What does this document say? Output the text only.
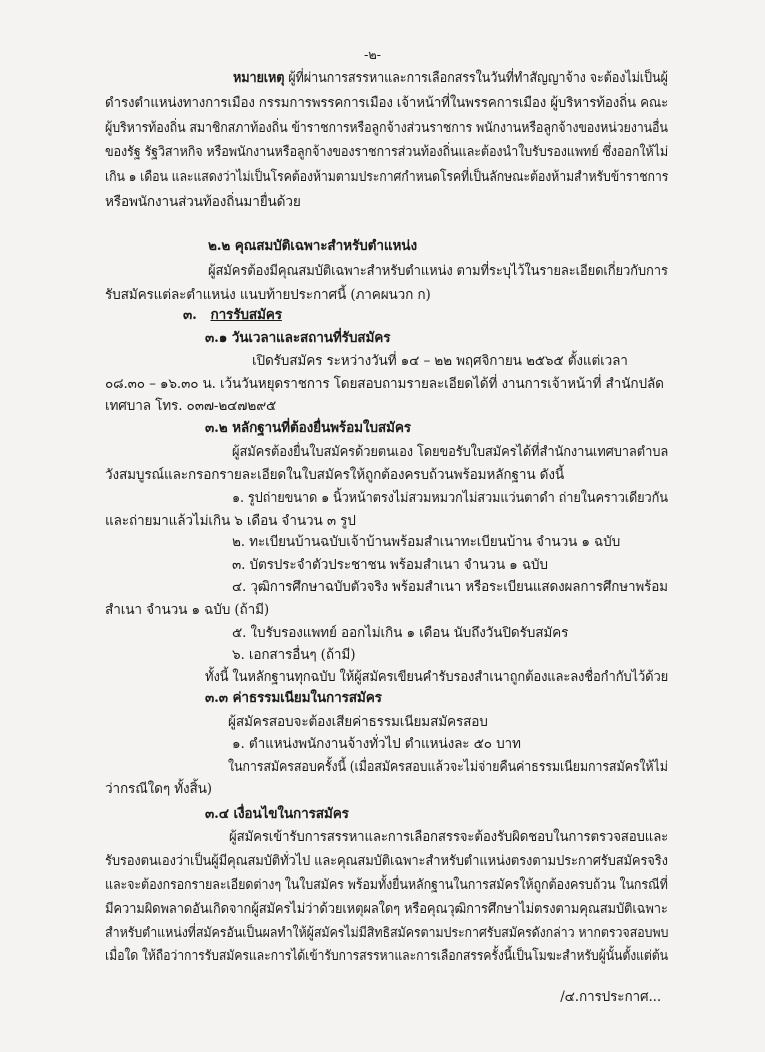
-๒-
หมายเหตุ ผู้ที่ผ่านการสรรหาและการเลือกสรรในวันที่ทำสัญญาจ้าง จะต้องไม่เป็นผู้
ดำรงตำแหน่งทางการเมือง กรรมการพรรคการเมือง เจ้าหน้าที่ในพรรคการเมือง ผู้บริหารท้องถิ่น คณะ
ผู้บริหารท้องถิ่น สมาชิกสภาท้องถิ่น ข้าราชการหรือลูกจ้างส่วนราชการ พนักงานหรือลูกจ้างของหน่วยงานอื่น
ของรัฐ รัฐวิสาหกิจ หรือพนักงานหรือลูกจ้างของราชการส่วนท้องถิ่นและต้องนำใบรับรองแพทย์ ซึ่งออกให้ไม่
เกิน ๑ เดือน และแสดงว่าไม่เป็นโรคต้องห้ามตามประกาศกำหนดโรคที่เป็นลักษณะต้องห้ามสำหรับข้าราชการ
หรือพนักงานส่วนท้องถิ่นมายื่นด้วย
๒.๒ คุณสมบัติเฉพาะสำหรับตำแหน่ง
ผู้สมัครต้องมีคุณสมบัติเฉพาะสำหรับตำแหน่ง ตามที่ระบุไว้ในรายละเอียดเกี่ยวกับการ
รับสมัครแต่ละตำแหน่ง แนบท้ายประกาศนี้ (ภาคผนวก ก)
๓. การรับสมัคร
๓.๑ วันเวลาและสถานที่รับสมัคร
เปิดรับสมัคร ระหว่างวันที่ ๑๔ – ๒๒ พฤศจิกายน ๒๕๖๕ ตั้งแต่เวลา
๐๘.๓๐ – ๑๖.๓๐ น. เว้นวันหยุดราชการ โดยสอบถามรายละเอียดได้ที่ งานการเจ้าหน้าที่ สำนักปลัด
เทศบาล โทร. ๐๓๗-๒๔๗๒๙๕
๓.๒ หลักฐานที่ต้องยื่นพร้อมใบสมัคร
ผู้สมัครต้องยื่นใบสมัครด้วยตนเอง โดยขอรับใบสมัครได้ที่สำนักงานเทศบาลตำบล
วังสมบูรณ์และกรอกรายละเอียดในใบสมัครให้ถูกต้องครบถ้วนพร้อมหลักฐาน ดังนี้
๑. รูปถ่ายขนาด ๑ นิ้วหน้าตรงไม่สวมหมวกไม่สวมแว่นตาดำ ถ่ายในคราวเดียวกัน
และถ่ายมาแล้วไม่เกิน ๖ เดือน จำนวน ๓ รูป
๒. ทะเบียนบ้านฉบับเจ้าบ้านพร้อมสำเนาทะเบียนบ้าน จำนวน ๑ ฉบับ
๓. บัตรประจำตัวประชาชน พร้อมสำเนา จำนวน ๑ ฉบับ
๔. วุฒิการศึกษาฉบับตัวจริง พร้อมสำเนา หรือระเบียนแสดงผลการศึกษาพร้อม
สำเนา จำนวน ๑ ฉบับ (ถ้ามี)
๕. ใบรับรองแพทย์ ออกไม่เกิน ๑ เดือน นับถึงวันปิดรับสมัคร
๖. เอกสารอื่นๆ (ถ้ามี)
ทั้งนี้ ในหลักฐานทุกฉบับ ให้ผู้สมัครเขียนคำรับรองสำเนาถูกต้องและลงชื่อกำกับไว้ด้วย
๓.๓ ค่าธรรมเนียมในการสมัคร
ผู้สมัครสอบจะต้องเสียค่าธรรมเนียมสมัครสอบ
๑. ตำแหน่งพนักงานจ้างทั่วไป ตำแหน่งละ ๕๐ บาท
ในการสมัครสอบครั้งนี้ (เมื่อสมัครสอบแล้วจะไม่จ่ายคืนค่าธรรมเนียมการสมัครให้ไม่
ว่ากรณีใดๆ ทั้งสิ้น)
๓.๔ เงื่อนไขในการสมัคร
ผู้สมัครเข้ารับการสรรหาและการเลือกสรรจะต้องรับผิดชอบในการตรวจสอบและ
รับรองตนเองว่าเป็นผู้มีคุณสมบัติทั่วไป และคุณสมบัติเฉพาะสำหรับตำแหน่งตรงตามประกาศรับสมัครจริง
และจะต้องกรอกรายละเอียดต่างๆ ในใบสมัคร พร้อมทั้งยื่นหลักฐานในการสมัครให้ถูกต้องครบถ้วน ในกรณีที่
มีความผิดพลาดอันเกิดจากผู้สมัครไม่ว่าด้วยเหตุผลใดๆ หรือคุณวุฒิการศึกษาไม่ตรงตามคุณสมบัติเฉพาะ
สำหรับตำแหน่งที่สมัครอันเป็นผลทำให้ผู้สมัครไม่มีสิทธิสมัครตามประกาศรับสมัครดังกล่าว หากตรวจสอบพบ
เมื่อใด ให้ถือว่าการรับสมัครและการได้เข้ารับการสรรหาและการเลือกสรรครั้งนี้เป็นโมฆะสำหรับผู้นั้นตั้งแต่ต้น
/๔.การประกาศ...
